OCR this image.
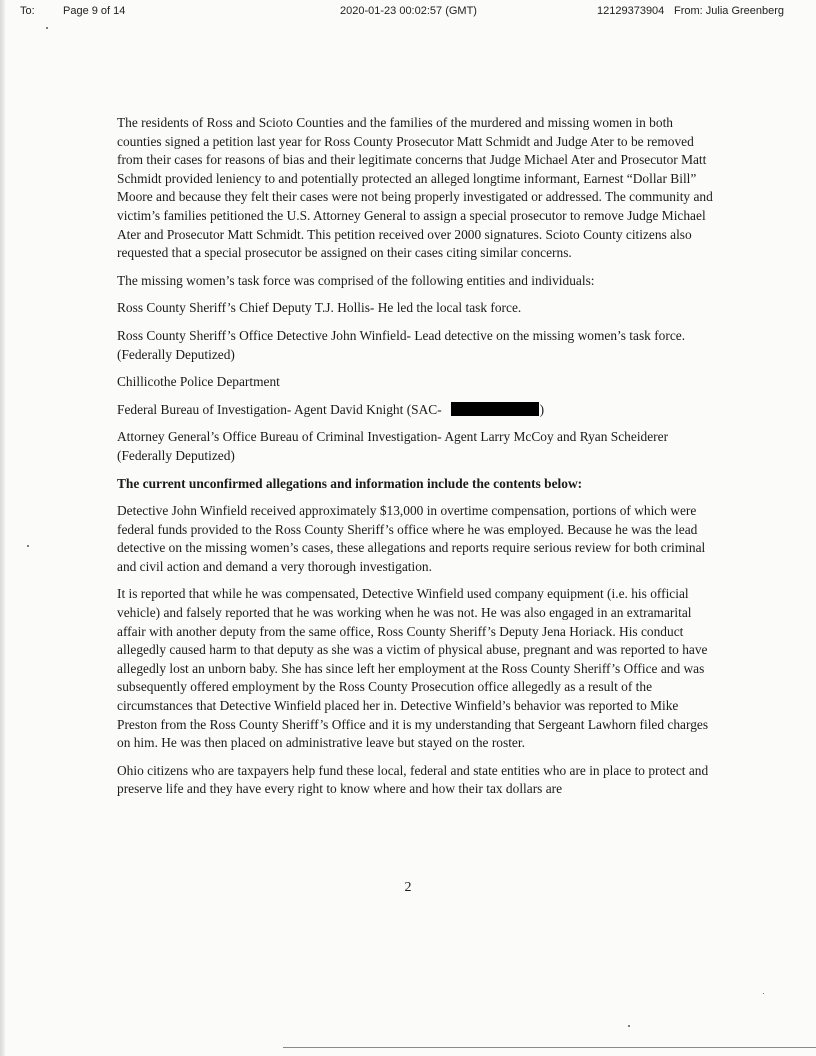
To:	Page 9 of 14	2020-01-23 00:02:57 (GMT)	12129373904 From: Julia Greenberg

The residents of Ross and Scioto Counties and the families of the murdered and missing women in both counties signed a petition last year for Ross County Prosecutor Matt Schmidt and Judge Ater to be removed from their cases for reasons of bias and their legitimate concerns that Judge Michael Ater and Prosecutor Matt Schmidt provided leniency to and potentially protected an alleged longtime informant, Earnest “Dollar Bill” Moore and because they felt their cases were not being properly investigated or addressed. The community and victim’s families petitioned the U.S. Attorney General to assign a special prosecutor to remove Judge Michael Ater and Prosecutor Matt Schmidt. This petition received over 2000 signatures. Scioto County citizens also requested that a special prosecutor be assigned on their cases citing similar concerns.

The missing women’s task force was comprised of the following entities and individuals:

Ross County Sheriff’s Chief Deputy T.J. Hollis- He led the local task force.

Ross County Sheriff’s Office Detective John Winfield- Lead detective on the missing women’s task force. (Federally Deputized)

Chillicothe Police Department

Federal Bureau of Investigation- Agent David Knight (SAC-	)

Attorney General’s Office Bureau of Criminal Investigation- Agent Larry McCoy and Ryan Scheiderer (Federally Deputized)

The current unconfirmed allegations and information include the contents below:

Detective John Winfield received approximately $13,000 in overtime compensation, portions of which were federal funds provided to the Ross County Sheriff’s office where he was employed. Because he was the lead detective on the missing women’s cases, these allegations and reports require serious review for both criminal and civil action and demand a very thorough investigation.

It is reported that while he was compensated, Detective Winfield used company equipment (i.e. his official vehicle) and falsely reported that he was working when he was not. He was also engaged in an extramarital affair with another deputy from the same office, Ross County Sheriff’s Deputy Jena Horiack. His conduct allegedly caused harm to that deputy as she was a victim of physical abuse, pregnant and was reported to have allegedly lost an unborn baby. She has since left her employment at the Ross County Sheriff’s Office and was subsequently offered employment by the Ross County Prosecution office allegedly as a result of the circumstances that Detective Winfield placed her in. Detective Winfield’s behavior was reported to Mike Preston from the Ross County Sheriff’s Office and it is my understanding that Sergeant Lawhorn filed charges on him. He was then placed on administrative leave but stayed on the roster.

Ohio citizens who are taxpayers help fund these local, federal and state entities who are in place to protect and preserve life and they have every right to know where and how their tax dollars are

2
